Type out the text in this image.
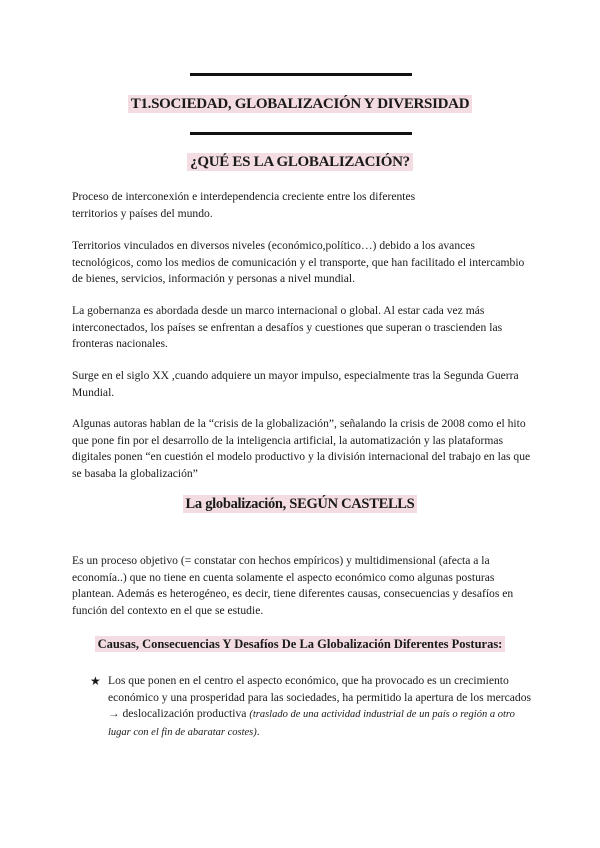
T1.SOCIEDAD, GLOBALIZACIÓN Y DIVERSIDAD
¿QUÉ ES LA GLOBALIZACIÓN?

Proceso de interconexión e interdependencia creciente entre los diferentes territorios y países del mundo.

Territorios vinculados en diversos niveles (económico,político…) debido a los avances tecnológicos, como los medios de comunicación y el transporte, que han facilitado el intercambio de bienes, servicios, información y personas a nivel mundial.

La gobernanza es abordada desde un marco internacional o global. Al estar cada vez más interconectados, los países se enfrentan a desafíos y cuestiones que superan o trascienden las fronteras nacionales.

Surge en el siglo XX ,cuando adquiere un mayor impulso, especialmente tras la Segunda Guerra Mundial.

Algunas autoras hablan de la “crisis de la globalización”, señalando la crisis de 2008 como el hito que pone fin por el desarrollo de la inteligencia artificial, la automatización y las plataformas digitales ponen “en cuestión el modelo productivo y la división internacional del trabajo en las que se basaba la globalización”

La globalización, SEGÚN CASTELLS

Es un proceso objetivo (= constatar con hechos empíricos) y multidimensional (afecta a la economía..) que no tiene en cuenta solamente el aspecto económico como algunas posturas plantean. Además es heterogéneo, es decir, tiene diferentes causas, consecuencias y desafíos en función del contexto en el que se estudie.

Causas, Consecuencias Y Desafíos De La Globalización Diferentes Posturas:
★ Los que ponen en el centro el aspecto económico, que ha provocado es un crecimiento económico y una prosperidad para las sociedades, ha permitido la apertura de los mercados → deslocalización productiva (traslado de una actividad industrial de un país o región a otro lugar con el fin de abaratar costes).
